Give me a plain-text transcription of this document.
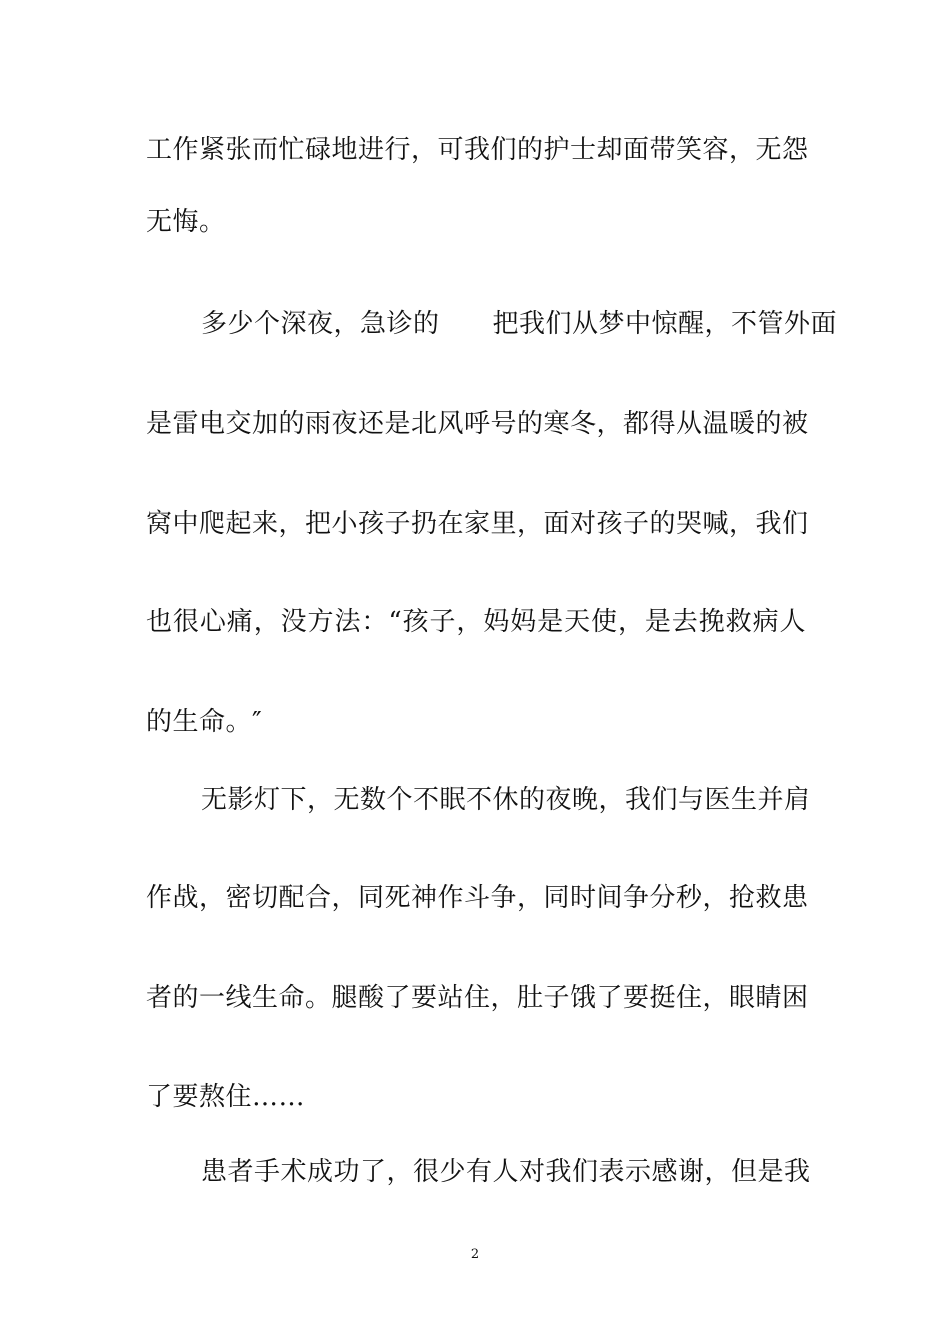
工作紧张而忙碌地进行，可我们的护士却面带笑容，无怨
无悔。
多少个深夜，急诊的　　把我们从梦中惊醒，不管外面
是雷电交加的雨夜还是北风呼号的寒冬，都得从温暖的被
窝中爬起来，把小孩子扔在家里，面对孩子的哭喊，我们
也很心痛，没方法：“孩子，妈妈是天使，是去挽救病人
的生命。″
无影灯下，无数个不眠不休的夜晚，我们与医生并肩
作战，密切配合，同死神作斗争，同时间争分秒，抢救患
者的一线生命。腿酸了要站住，肚子饿了要挺住，眼睛困
了要熬住……
患者手术成功了，很少有人对我们表示感谢，但是我
2
